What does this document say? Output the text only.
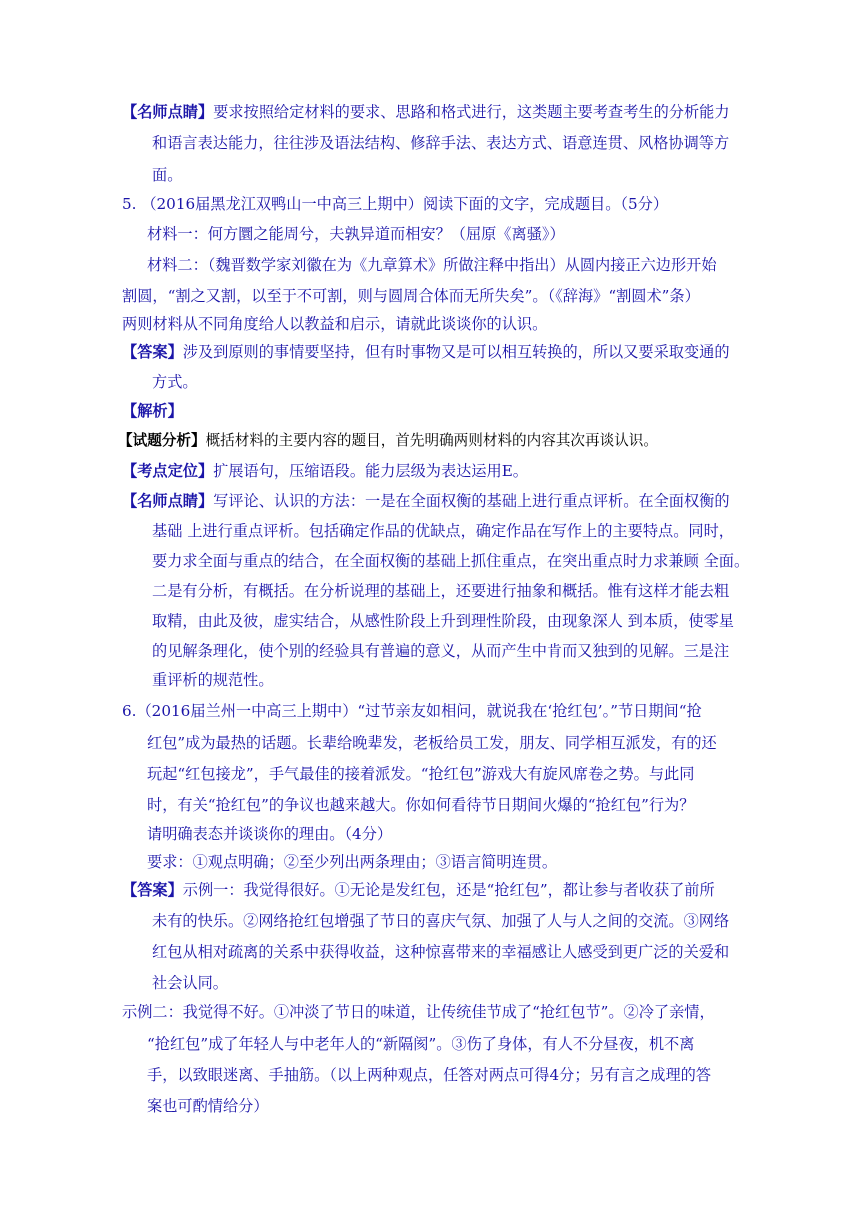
【名师点睛】要求按照给定材料的要求、思路和格式进行，这类题主要考查考生的分析能力
和语言表达能力，往往涉及语法结构、修辞手法、表达方式、语意连贯、风格协调等方
面。
5. （2016届黑龙江双鸭山一中高三上期中）阅读下面的文字，完成题目。（5分）
材料一：何方圜之能周兮，夫孰异道而相安？（屈原《离骚》）
材料二：（魏晋数学家刘徽在为《九章算术》所做注释中指出）从圆内接正六边形开始
割圆，“割之又割，以至于不可割，则与圆周合体而无所失矣”。（《辞海》“割圆术”条）
两则材料从不同角度给人以教益和启示，请就此谈谈你的认识。
【答案】涉及到原则的事情要坚持，但有时事物又是可以相互转换的，所以又要采取变通的
方式。
【解析】
【试题分析】概括材料的主要内容的题目，首先明确两则材料的内容其次再谈认识。
【考点定位】扩展语句，压缩语段。能力层级为表达运用E。
【名师点睛】写评论、认识的方法：一是在全面权衡的基础上进行重点评析。在全面权衡的
基础 上进行重点评析。包括确定作品的优缺点，确定作品在写作上的主要特点。同时，
要力求全面与重点的结合，在全面权衡的基础上抓住重点，在突出重点时力求兼顾 全面。
二是有分析，有概括。在分析说理的基础上，还要进行抽象和概括。惟有这样才能去粗
取精，由此及彼，虚实结合，从感性阶段上升到理性阶段，由现象深人 到本质，使零星
的见解条理化，使个别的经验具有普遍的意义，从而产生中肯而又独到的见解。三是注
重评析的规范性。
6.（2016届兰州一中高三上期中）“过节亲友如相问，就说我在‘抢红包’。”节日期间“抢
红包”成为最热的话题。长辈给晚辈发，老板给员工发，朋友、同学相互派发，有的还
玩起“红包接龙”，手气最佳的接着派发。“抢红包”游戏大有旋风席卷之势。与此同
时，有关“抢红包”的争议也越来越大。你如何看待节日期间火爆的“抢红包”行为？
请明确表态并谈谈你的理由。（4分）
要求：①观点明确；②至少列出两条理由；③语言简明连贯。
【答案】示例一：我觉得很好。①无论是发红包，还是“抢红包”，都让参与者收获了前所
未有的快乐。②网络抢红包增强了节日的喜庆气氛、加强了人与人之间的交流。③网络
红包从相对疏离的关系中获得收益，这种惊喜带来的幸福感让人感受到更广泛的关爱和
社会认同。
示例二：我觉得不好。①冲淡了节日的味道，让传统佳节成了“抢红包节”。②冷了亲情，
“抢红包”成了年轻人与中老年人的“新隔阂”。③伤了身体，有人不分昼夜，机不离
手，以致眼迷离、手抽筋。（以上两种观点，任答对两点可得4分；另有言之成理的答
案也可酌情给分）
